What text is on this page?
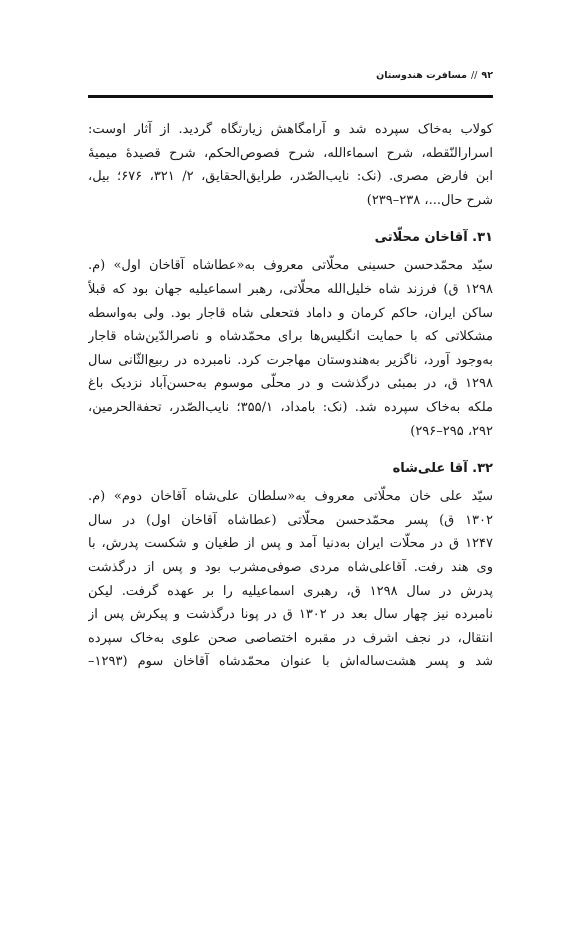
۹۲//مسافرت هندوستان
کولاب به‌خاک سپرده شد و آرامگاهش زیارتگاه گردید. از آثار اوست:
اسرارالنّقطه، شرح اسماءالله، شرح فصوص‌الحکم، شرح قصیدهٔ میمیهٔ
ابن فارض مصری. (نک: نایب‌الصّدر، طرایق‌الحقایق، ۲/ ۳۲۱، ۶۷۶؛ بیل،
شرح حال...، ۲۳۸–۲۳۹)
۳۱. آقاخان محلّاتی
سیّد محمّدحسن حسینی محلّاتی معروف به«عطاشاه آقاخان اول» (م.
۱۲۹۸ ق) فرزند شاه خلیل‌الله محلّاتی، رهبر اسماعیلیه جهان بود که قبلاً
ساکن ایران، حاکم کرمان و داماد فتحعلی شاه قاجار بود. ولی به‌واسطه
مشکلاتی که با حمایت انگلیس‌ها برای محمّدشاه و ناصرالدّین‌شاه قاجار
به‌وجود آورد، ناگزیر به‌هندوستان مهاجرت کرد. نامبرده در ربیع‌الثّانی سال
۱۲۹۸ ق، در بمبئی درگذشت و در محلّی موسوم به‌حسن‌آباد نزدیک باغ
ملکه به‌خاک سپرده شد. (نک: بامداد، ۳۵۵/۱؛ نایب‌الصّدر، تحفة‌الحرمین،
۲۹۲، ۲۹۵–۲۹۶)
۳۲. آقا علی‌شاه
سیّد علی خان محلّاتی معروف به«سلطان علی‌شاه آقاخان دوم» (م.
۱۳۰۲ ق) پسر محمّدحسن محلّاتی (عطاشاه آقاخان اول) در سال
۱۲۴۷ ق در محلّات ایران به‌دنیا آمد و پس از طغیان و شکست پدرش، با
وی هند رفت. آقاعلی‌شاه مردی صوفی‌مشرب بود و پس از درگذشت
پدرش در سال ۱۲۹۸ ق، رهبری اسماعیلیه را بر عهده گرفت. لیکن
نامبرده نیز چهار سال بعد در ۱۳۰۲ ق در پونا درگذشت و پیکرش پس از
انتقال، در نجف اشرف در مقبره اختصاصی صحن علوی به‌خاک سپرده
شد و پسر هشت‌ساله‌اش با عنوان محمّدشاه آقاخان سوم (۱۲۹۳–
